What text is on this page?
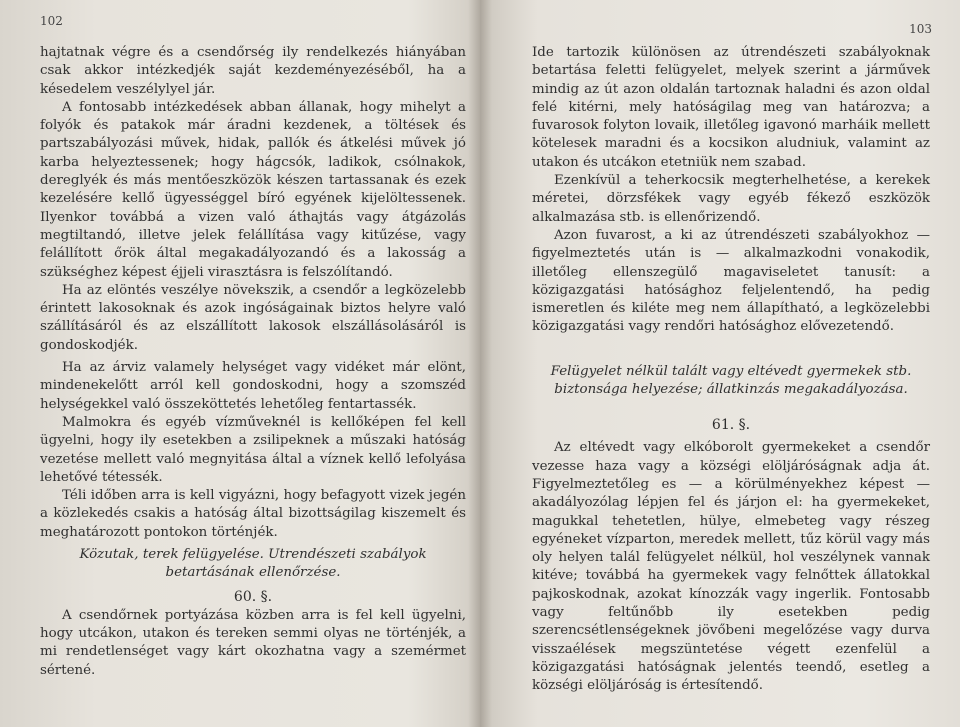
102

hajtatnak végre és a csendőrség ily rendelkezés hiányában csak akkor intézkedjék saját kezdeményezéséből, ha a késedelem veszélylyel jár.

A fontosabb intézkedések abban állanak, hogy mihelyt a folyók és patakok már áradni kezdenek, a töltések és partszabályozási művek, hidak, pallók és átkelési művek jó karba helyeztessenek; hogy hágcsók, ladikok, csólnakok, dereglyék és más mentőeszközök készen tartassanak és ezek kezelésére kellő ügyességgel bíró egyének kijelöltessenek. Ilyenkor továbbá a vizen való áthajtás vagy átgázolás megtiltandó, illetve jelek felállítása vagy kitűzése, vagy felállított őrök által megakadályozandó és a lakosság a szükséghez képest éjjeli virasztásra is felszólítandó.

Ha az elöntés veszélye növekszik, a csendőr a legközelebb érintett lakosoknak és azok ingóságainak biztos helyre való szállításáról és az elszállított lakosok elszállásolásáról is gondoskodjék.

Ha az árviz valamely helységet vagy vidéket már elönt, mindenekelőtt arról kell gondoskodni, hogy a szomszéd helységekkel való összeköttetés lehetőleg fentartassék.

Malmokra és egyéb vízműveknél is kellőképen fel kell ügyelni, hogy ily esetekben a zsilipeknek a műszaki hatóság vezetése mellett való megnyitása által a víznek kellő lefolyása lehetővé tétessék.

Téli időben arra is kell vigyázni, hogy befagyott vizek jegén a közlekedés csakis a hatóság által bizottságilag kiszemelt és meghatározott pontokon történjék.

Közutak, terek felügyelése. Utrendészeti szabályok betartásának ellenőrzése.

60. §.

A csendőrnek portyázása közben arra is fel kell ügyelni, hogy utcákon, utakon és tereken semmi olyas ne történjék, a mi rendetlenséget vagy kárt okozhatna vagy a szemérmet sértené.

103

Ide tartozik különösen az útrendészeti szabályoknak betartása feletti felügyelet, melyek szerint a járművek mindig az út azon oldalán tartoznak haladni és azon oldal felé kitérni, mely hatóságilag meg van határozva; a fuvarosok folyton lovaik, illetőleg igavonó marháik mellett kötelesek maradni és a kocsikon aludniuk, valamint az utakon és utcákon etetniük nem szabad.

Ezenkívül a teherkocsik megterhelhetése, a kerekek méretei, dörzsfékek vagy egyéb fékező eszközök alkalmazása stb. is ellenőrizendő.

Azon fuvarost, a ki az útrendészeti szabályokhoz — figyelmeztetés után is — alkalmazkodni vonakodik, illetőleg ellenszegülő magaviseletet tanusít: a közigazgatási hatósághoz feljelentendő, ha pedig ismeretlen és kiléte meg nem állapítható, a legközelebbi közigazgatási vagy rendőri hatósághoz elővezetendő.

Felügyelet nélkül talált vagy eltévedt gyermekek stb. biztonsága helyezése; állatkinzás megakadályozása.

61. §.

Az eltévedt vagy elkóborolt gyermekeket a csendőr vezesse haza vagy a községi elöljáróságnak adja át. Figyelmeztetőleg es — a körülményekhez képest — akadályozólag lépjen fel és járjon el: ha gyermekeket, magukkal tehetetlen, hülye, elmebeteg vagy részeg egyéneket vízparton, meredek mellett, tűz körül vagy más oly helyen talál felügyelet nélkül, hol veszélynek vannak kitéve; továbbá ha gyermekek vagy felnőttek állatokkal pajkoskodnak, azokat kínozzák vagy ingerlik. Fontosabb vagy feltűnőbb ily esetekben pedig szerencsétlenségeknek jövőbeni megelőzése vagy durva visszaélések megszüntetése végett ezenfelül a közigazgatási hatóságnak jelentés teendő, esetleg a községi elöljáróság is értesítendő.
